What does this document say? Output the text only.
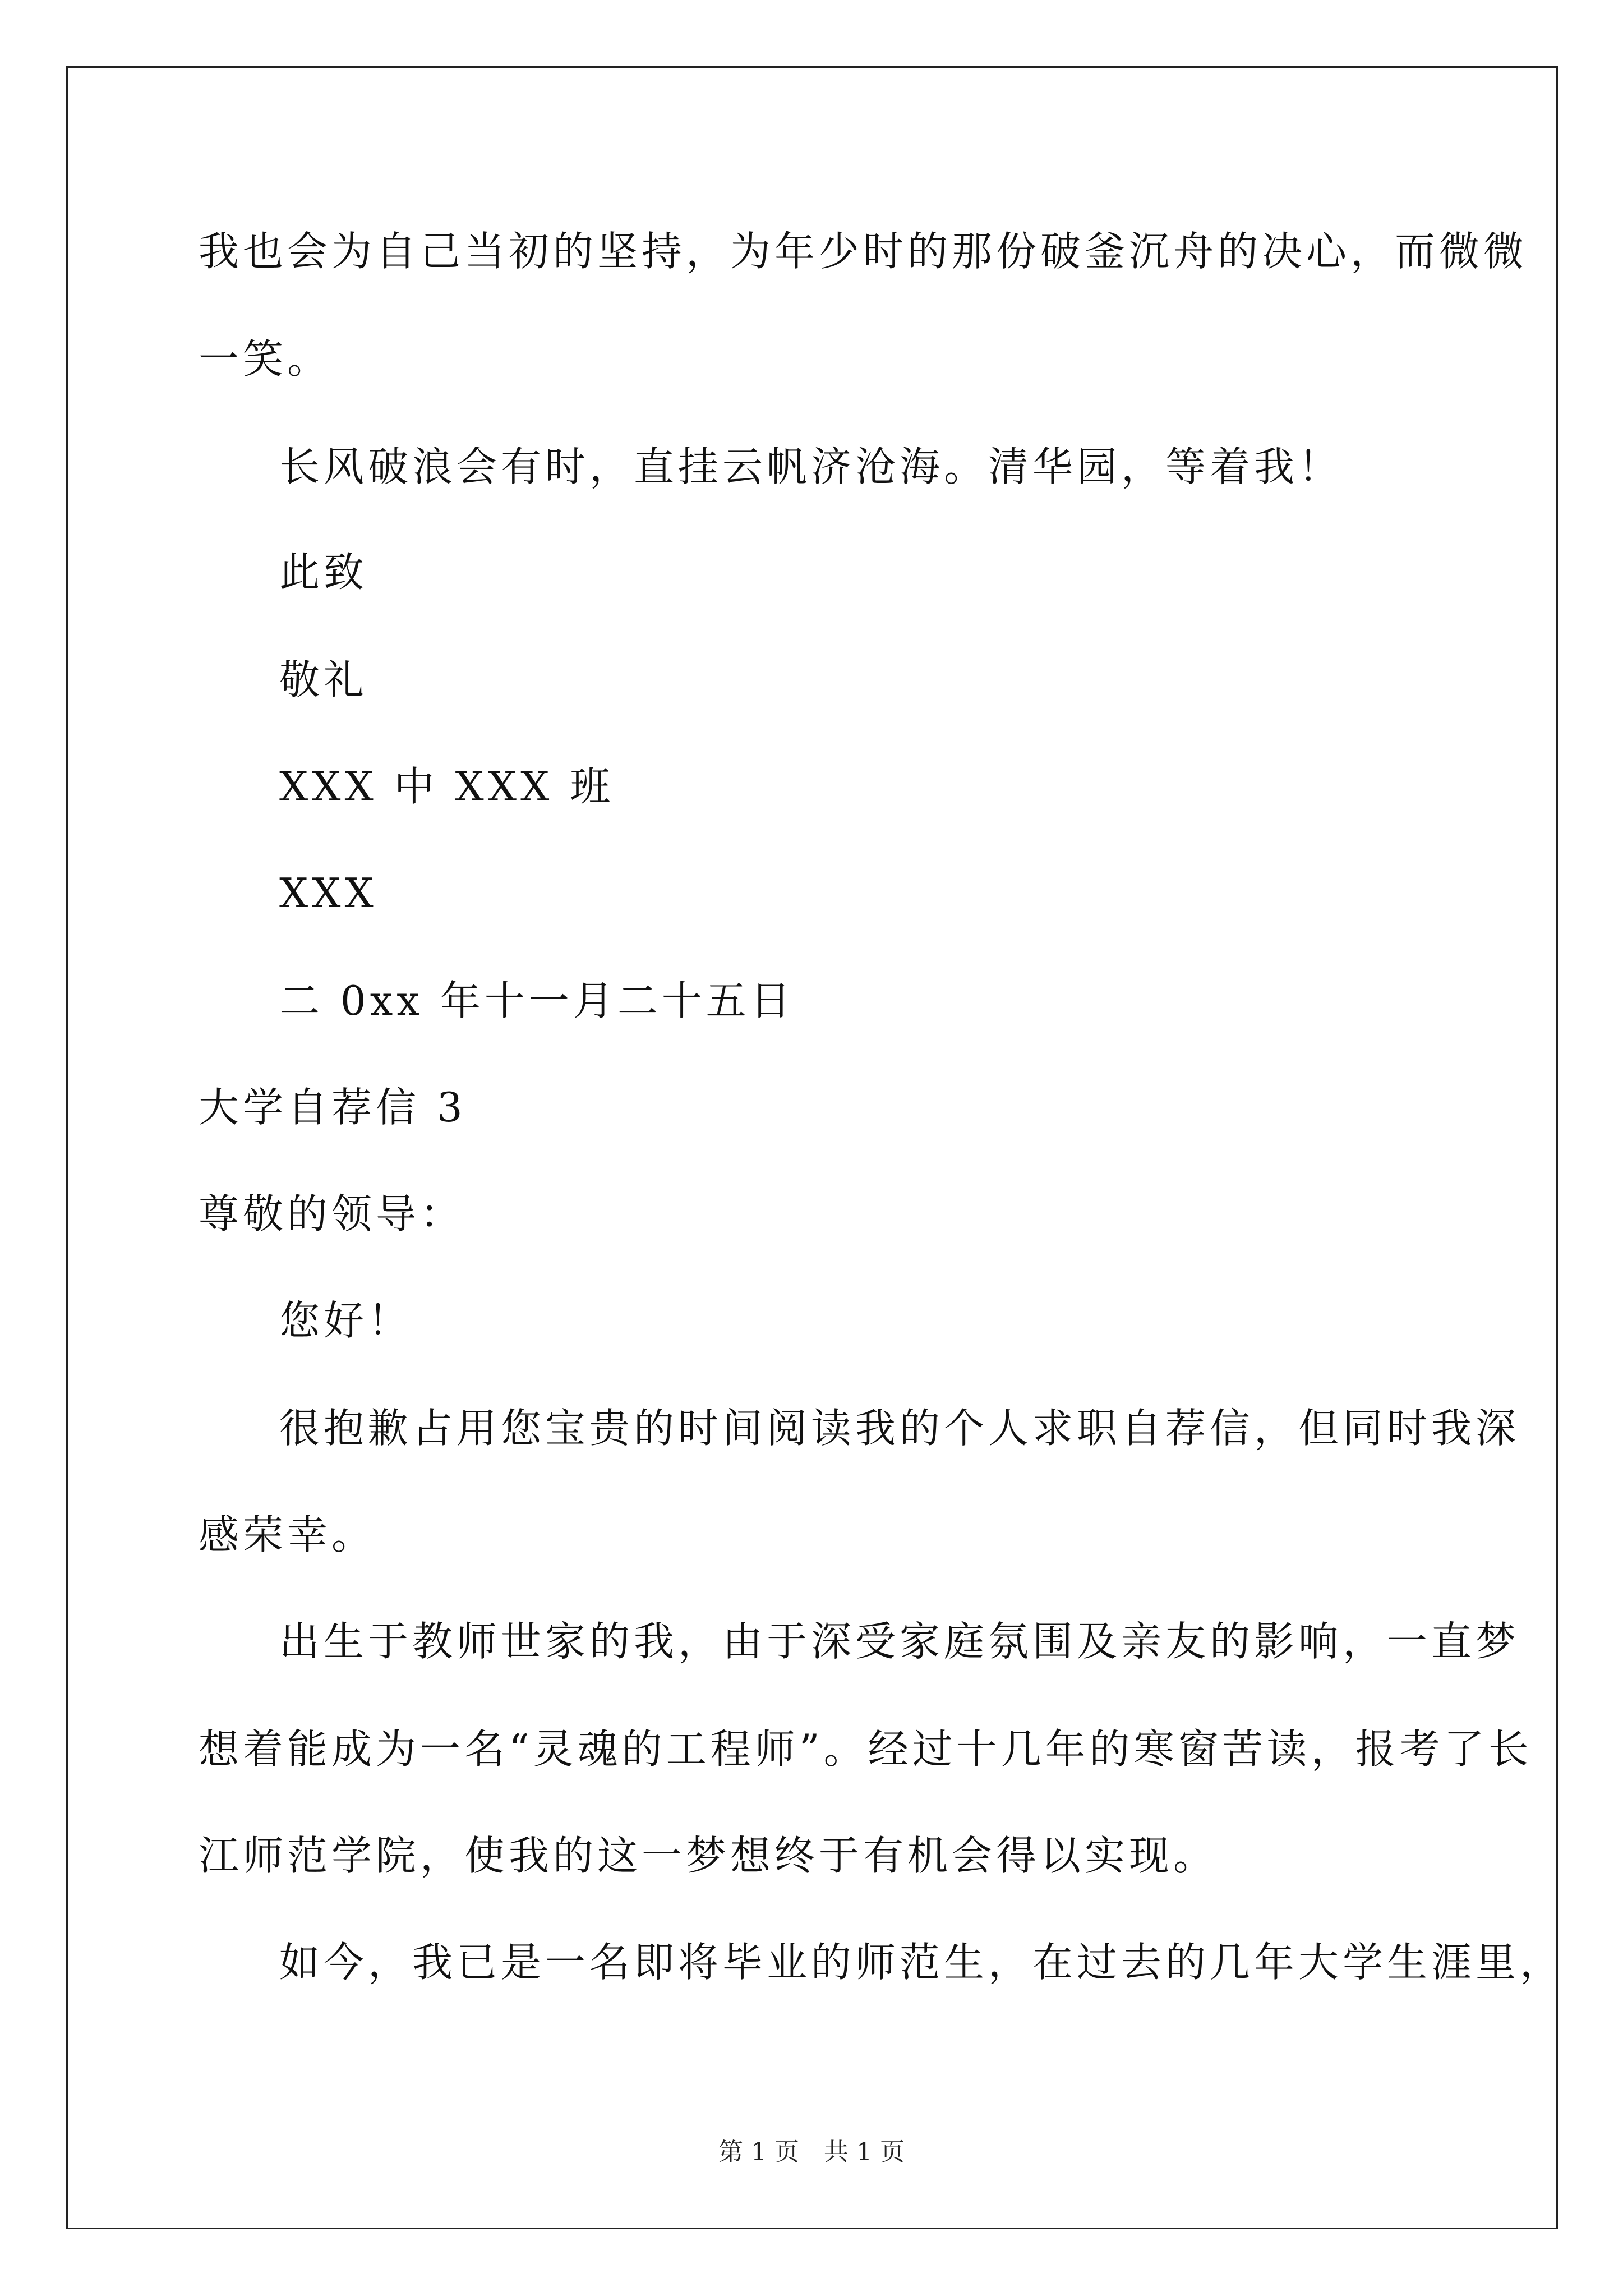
我也会为自己当初的坚持，为年少时的那份破釜沉舟的决心，而微微
一笑。
长风破浪会有时，直挂云帆济沧海。清华园，等着我！
此致
敬礼
XXX 中 XXX 班
XXX
二 0xx 年十一月二十五日
大学自荐信 3
尊敬的领导：
您好！
很抱歉占用您宝贵的时间阅读我的个人求职自荐信，但同时我深
感荣幸。
出生于教师世家的我，由于深受家庭氛围及亲友的影响，一直梦
想着能成为一名“灵魂的工程师”。经过十几年的寒窗苦读，报考了长
江师范学院，使我的这一梦想终于有机会得以实现。
如今，我已是一名即将毕业的师范生，在过去的几年大学生涯里，
第 1 页　共 1 页
